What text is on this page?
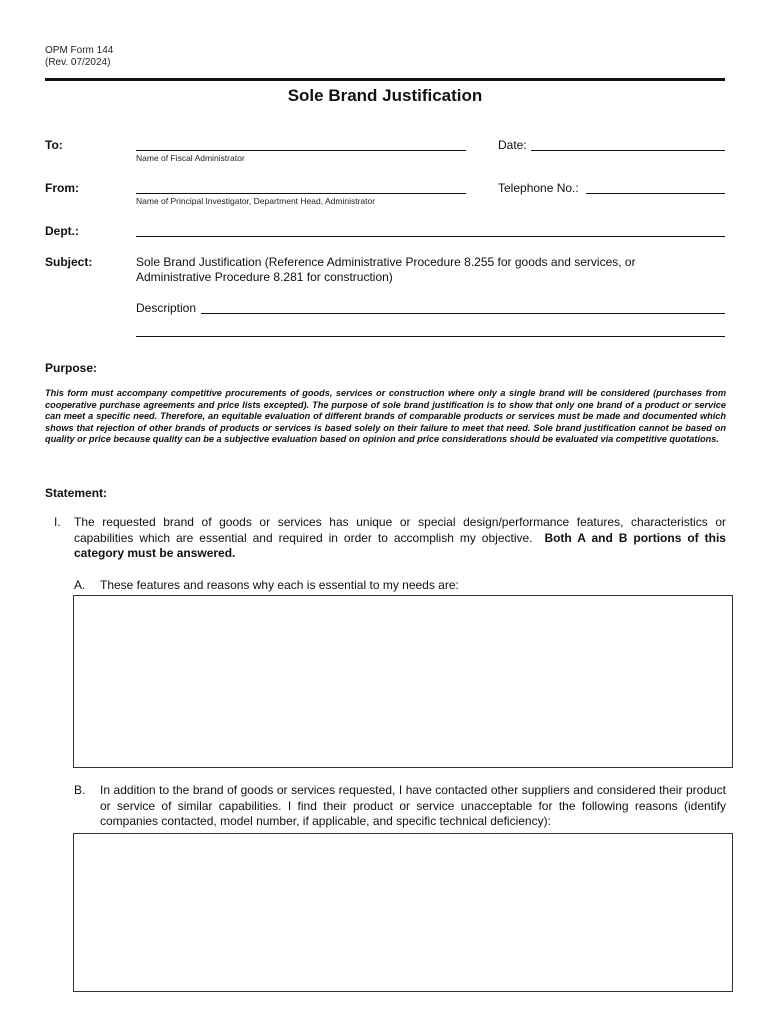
OPM Form 144
(Rev. 07/2024)
Sole Brand Justification
To:
Name of Fiscal Administrator
Date:
From:
Name of Principal Investigator, Department Head, Administrator
Telephone No.:
Dept.:
Subject:	Sole Brand Justification (Reference Administrative Procedure 8.255 for goods and services, or Administrative Procedure 8.281 for construction)
Description
Purpose:
This form must accompany competitive procurements of goods, services or construction where only a single brand will be considered (purchases from cooperative purchase agreements and price lists excepted). The purpose of sole brand justification is to show that only one brand of a product or service can meet a specific need. Therefore, an equitable evaluation of different brands of comparable products or services must be made and documented which shows that rejection of other brands of products or services is based solely on their failure to meet that need. Sole brand justification cannot be based on quality or price because quality can be a subjective evaluation based on opinion and price considerations should be evaluated via competitive quotations.
Statement:
I. The requested brand of goods or services has unique or special design/performance features, characteristics or capabilities which are essential and required in order to accomplish my objective. Both A and B portions of this category must be answered.
A. These features and reasons why each is essential to my needs are:
B. In addition to the brand of goods or services requested, I have contacted other suppliers and considered their product or service of similar capabilities. I find their product or service unacceptable for the following reasons (identify companies contacted, model number, if applicable, and specific technical deficiency):
